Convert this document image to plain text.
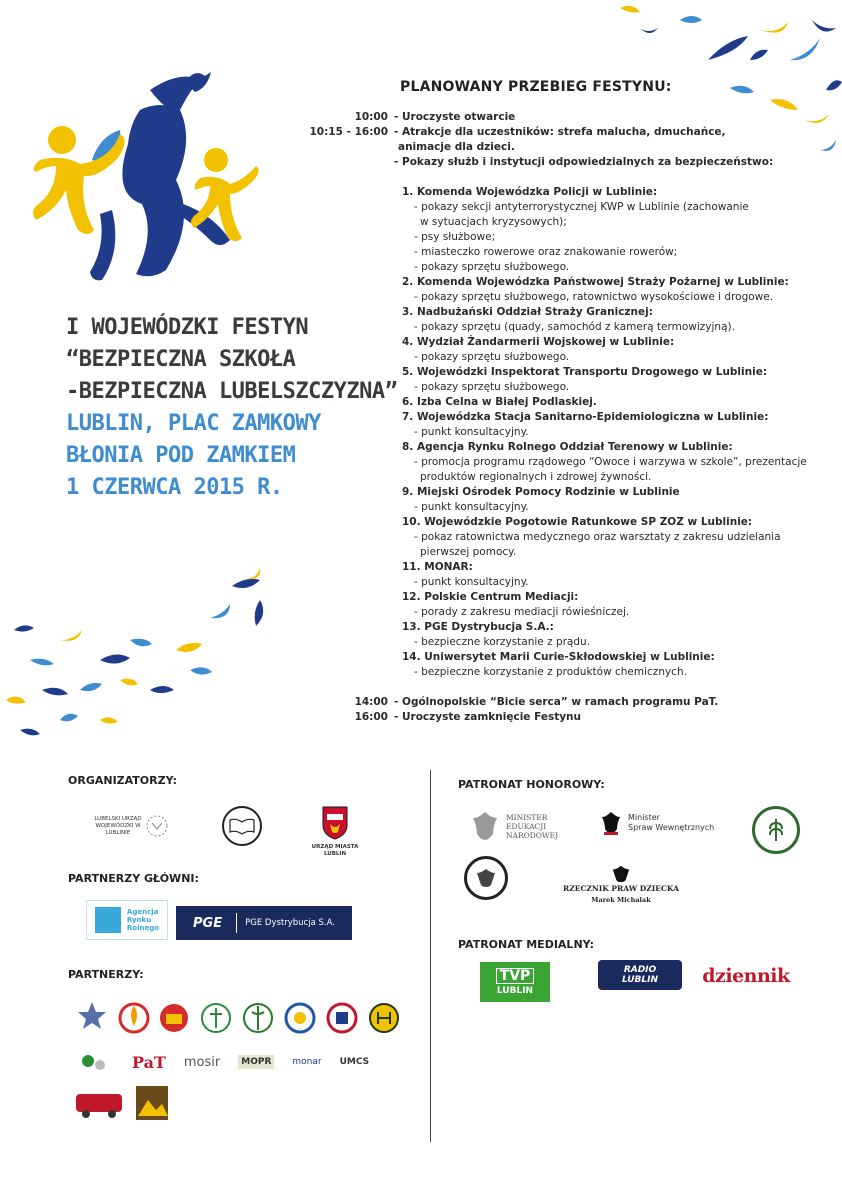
I WOJEWÓDZKI FESTYN
“BEZPIECZNA SZKOŁA
-BEZPIECZNA LUBELSZCZYZNA”
LUBLIN, PLAC ZAMKOWY
BŁONIA POD ZAMKIEM
1 CZERWCA 2015 R.
PLANOWANY PRZEBIEG FESTYNU:
10:00 - Uroczyste otwarcie
10:15 - 16:00 - Atrakcje dla uczestników: strefa malucha, dmuchańce,
animacje dla dzieci.
- Pokazy służb i instytucji odpowiedzialnych za bezpieczeństwo:
1. Komenda Wojewódzka Policji w Lublinie:
- pokazy sekcji antyterrorystycznej KWP w Lublinie (zachowanie
w sytuacjach kryzysowych);
- psy służbowe;
- miasteczko rowerowe oraz znakowanie rowerów;
- pokazy sprzętu służbowego.
2. Komenda Wojewódzka Państwowej Straży Pożarnej w Lublinie:
- pokazy sprzętu służbowego, ratownictwo wysokościowe i drogowe.
3. Nadbużański Oddział Straży Granicznej:
- pokazy sprzętu (quady, samochód z kamerą termowizyjną).
4. Wydział Żandarmerii Wojskowej w Lublinie:
- pokazy sprzętu służbowego.
5. Wojewódzki Inspektorat Transportu Drogowego w Lublinie:
- pokazy sprzętu służbowego.
6. Izba Celna w Białej Podlaskiej.
7. Wojewódzka Stacja Sanitarno-Epidemiologiczna w Lublinie:
- punkt konsultacyjny.
8. Agencja Rynku Rolnego Oddział Terenowy w Lublinie:
- promocja programu rządowego “Owoce i warzywa w szkole”, prezentacje
produktów regionalnych i zdrowej żywności.
9. Miejski Ośrodek Pomocy Rodzinie w Lublinie
- punkt konsultacyjny.
10. Wojewódzkie Pogotowie Ratunkowe SP ZOZ w Lublinie:
- pokaz ratownictwa medycznego oraz warsztaty z zakresu udzielania
pierwszej pomocy.
11. MONAR:
- punkt konsultacyjny.
12. Polskie Centrum Mediacji:
- porady z zakresu mediacji rówieśniczej.
13. PGE Dystrybucja S.A.:
- bezpieczne korzystanie z prądu.
14. Uniwersytet Marii Curie-Skłodowskiej w Lublinie:
- bezpieczne korzystanie z produktów chemicznych.
14:00 - Ogólnopolskie “Bicie serca” w ramach programu PaT.
16:00 - Uroczyste zamknięcie Festynu
ORGANIZATORZY:
PARTNERZY GŁÓWNI:
PARTNERZY:
PATRONAT HONOROWY:
PATRONAT MEDIALNY:
LUBELSKI URZĄD WOJEWÓDZKI W LUBLINIE
URZĄD MIASTA LUBLIN
Agencja
Rynku
Rolnego	PGE	PGE Dystrybucja S.A.
PaT mosir	MOPR	monar UMCS
MINISTER
EDUKACJI
NARODOWEJ
Minister
Spraw Wewnętrznych
RZECZNIK PRAW DZIECKA
Marek Michalak
TVP
LUBLIN
RADIO
LUBLIN dziennik
